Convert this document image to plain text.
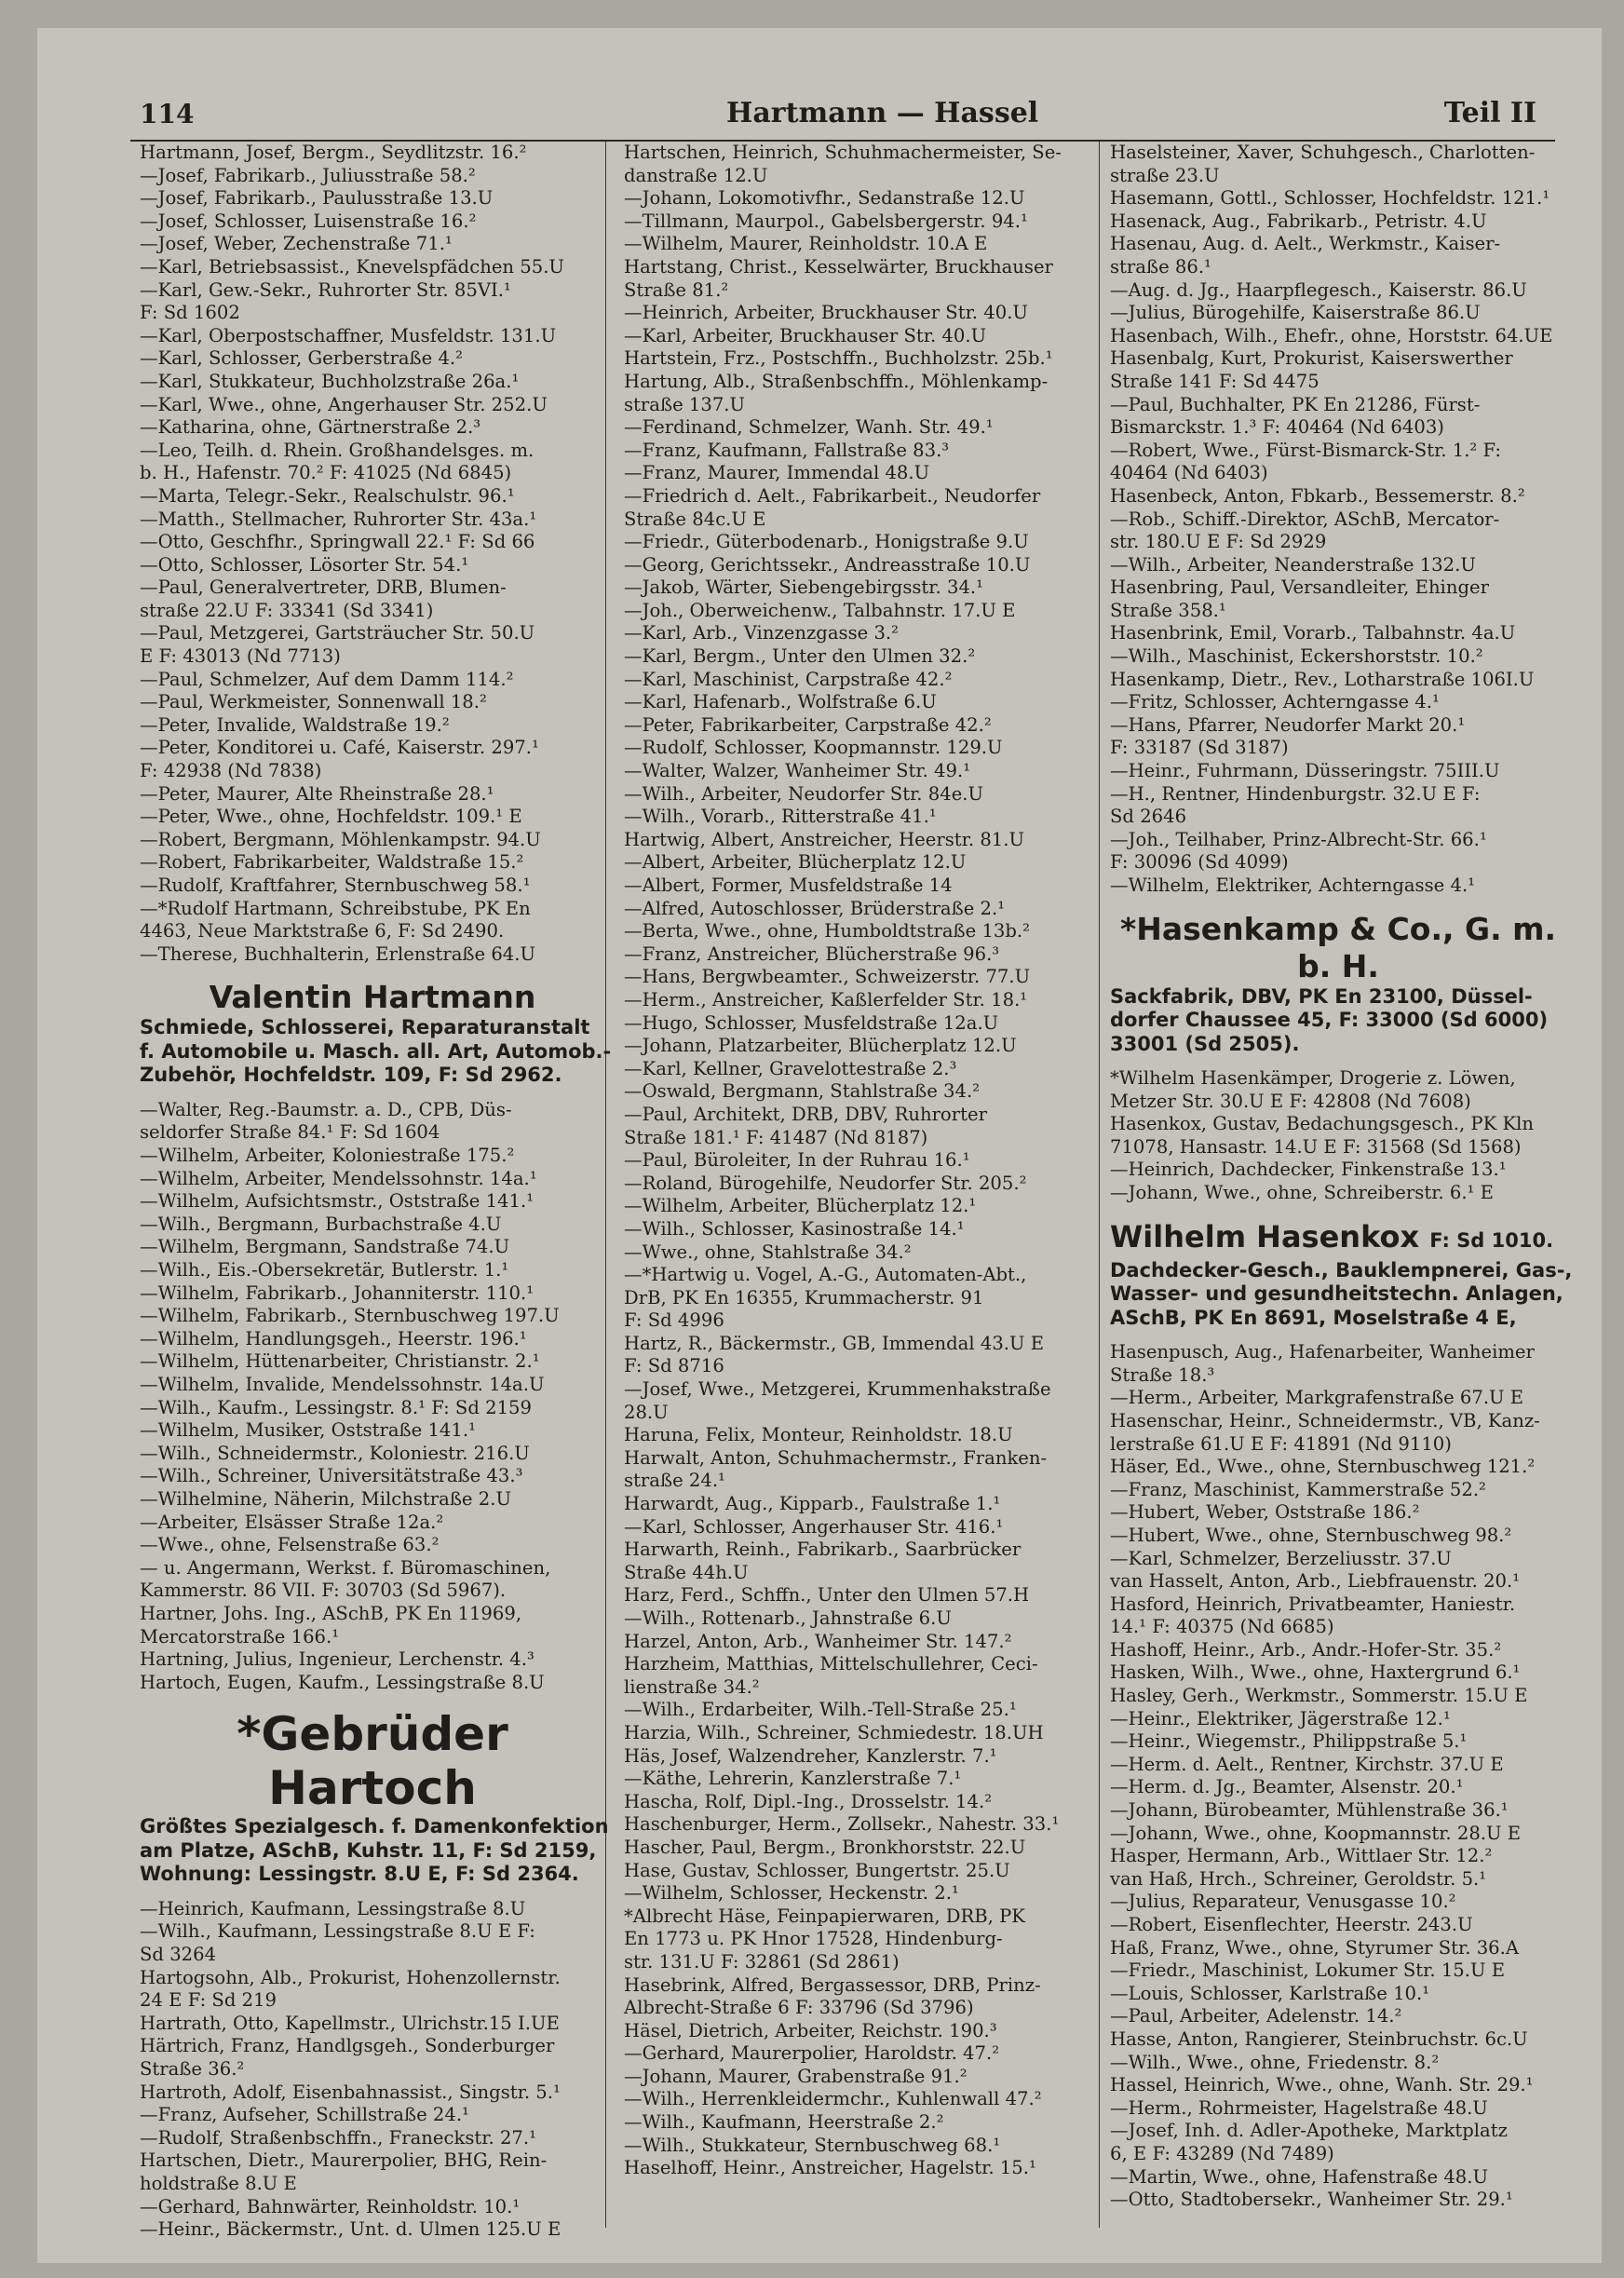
114	Hartmann — Hassel	Teil II
Hartmann, Josef, Bergm., Seydlitzstr. 16.²
—Josef, Fabrikarb., Juliusstraße 58.²
—Josef, Fabrikarb., Paulusstraße 13.U
—Josef, Schlosser, Luisenstraße 16.²
—Josef, Weber, Zechenstraße 71.¹
—Karl, Betriebsassist., Knevelspfädchen 55.U
—Karl, Gew.-Sekr., Ruhrorter Str. 85VI.¹
F: Sd 1602
—Karl, Oberpostschaffner, Musfeldstr. 131.U
—Karl, Schlosser, Gerberstraße 4.²
—Karl, Stukkateur, Buchholzstraße 26a.¹
—Karl, Wwe., ohne, Angerhauser Str. 252.U
—Katharina, ohne, Gärtnerstraße 2.³
—Leo, Teilh. d. Rhein. Großhandelsges. m.
b. H., Hafenstr. 70.² F: 41025 (Nd 6845)
—Marta, Telegr.-Sekr., Realschulstr. 96.¹
—Matth., Stellmacher, Ruhrorter Str. 43a.¹
—Otto, Geschfhr., Springwall 22.¹ F: Sd 66
—Otto, Schlosser, Lösorter Str. 54.¹
—Paul, Generalvertreter, DRB, Blumen-
straße 22.U F: 33341 (Sd 3341)
—Paul, Metzgerei, Gartsträucher Str. 50.U
E F: 43013 (Nd 7713)
—Paul, Schmelzer, Auf dem Damm 114.²
—Paul, Werkmeister, Sonnenwall 18.²
—Peter, Invalide, Waldstraße 19.²
—Peter, Konditorei u. Café, Kaiserstr. 297.¹
F: 42938 (Nd 7838)
—Peter, Maurer, Alte Rheinstraße 28.¹
—Peter, Wwe., ohne, Hochfeldstr. 109.¹ E
—Robert, Bergmann, Möhlenkampstr. 94.U
—Robert, Fabrikarbeiter, Waldstraße 15.²
—Rudolf, Kraftfahrer, Sternbuschweg 58.¹
—*Rudolf Hartmann, Schreibstube, PK En
4463, Neue Marktstraße 6, F: Sd 2490.
—Therese, Buchhalterin, Erlenstraße 64.U
Valentin Hartmann
Schmiede, Schlosserei, Reparaturanstalt
f. Automobile u. Masch. all. Art, Automob.-
Zubehör, Hochfeldstr. 109, F: Sd 2962.
—Walter, Reg.-Baumstr. a. D., CPB, Düs-
seldorfer Straße 84.¹ F: Sd 1604
—Wilhelm, Arbeiter, Koloniestraße 175.²
—Wilhelm, Arbeiter, Mendelssohnstr. 14a.¹
—Wilhelm, Aufsichtsmstr., Oststraße 141.¹
—Wilh., Bergmann, Burbachstraße 4.U
—Wilhelm, Bergmann, Sandstraße 74.U
—Wilh., Eis.-Obersekretär, Butlerstr. 1.¹
—Wilhelm, Fabrikarb., Johanniterstr. 110.¹
—Wilhelm, Fabrikarb., Sternbuschweg 197.U
—Wilhelm, Handlungsgeh., Heerstr. 196.¹
—Wilhelm, Hüttenarbeiter, Christianstr. 2.¹
—Wilhelm, Invalide, Mendelssohnstr. 14a.U
—Wilh., Kaufm., Lessingstr. 8.¹ F: Sd 2159
—Wilhelm, Musiker, Oststraße 141.¹
—Wilh., Schneidermstr., Koloniestr. 216.U
—Wilh., Schreiner, Universitätstraße 43.³
—Wilhelmine, Näherin, Milchstraße 2.U
—Arbeiter, Elsässer Straße 12a.²
—Wwe., ohne, Felsenstraße 63.²
— u. Angermann, Werkst. f. Büromaschinen,
Kammerstr. 86 VII. F: 30703 (Sd 5967).
Hartner, Johs. Ing., ASchB, PK En 11969,
Mercatorstraße 166.¹
Hartning, Julius, Ingenieur, Lerchenstr. 4.³
Hartoch, Eugen, Kaufm., Lessingstraße 8.U
*Gebrüder Hartoch
Größtes Spezialgesch. f. Damenkonfektion
am Platze, ASchB, Kuhstr. 11, F: Sd 2159,
Wohnung: Lessingstr. 8.U E, F: Sd 2364.
—Heinrich, Kaufmann, Lessingstraße 8.U
—Wilh., Kaufmann, Lessingstraße 8.U E F:
Sd 3264
Hartogsohn, Alb., Prokurist, Hohenzollernstr.
24 E F: Sd 219
Hartrath, Otto, Kapellmstr., Ulrichstr.15 I.UE
Härtrich, Franz, Handlgsgeh., Sonderburger
Straße 36.²
Hartroth, Adolf, Eisenbahnassist., Singstr. 5.¹
—Franz, Aufseher, Schillstraße 24.¹
—Rudolf, Straßenbschffn., Franeckstr. 27.¹
Hartschen, Dietr., Maurerpolier, BHG, Rein-
holdstraße 8.U E
—Gerhard, Bahnwärter, Reinholdstr. 10.¹
—Heinr., Bäckermstr., Unt. d. Ulmen 125.U E
Hartschen, Heinrich, Schuhmachermeister, Se-
danstraße 12.U
—Johann, Lokomotivfhr., Sedanstraße 12.U
—Tillmann, Maurpol., Gabelsbergerstr. 94.¹
—Wilhelm, Maurer, Reinholdstr. 10.A E
Hartstang, Christ., Kesselwärter, Bruckhauser
Straße 81.²
—Heinrich, Arbeiter, Bruckhauser Str. 40.U
—Karl, Arbeiter, Bruckhauser Str. 40.U
Hartstein, Frz., Postschffn., Buchholzstr. 25b.¹
Hartung, Alb., Straßenbschffn., Möhlenkamp-
straße 137.U
—Ferdinand, Schmelzer, Wanh. Str. 49.¹
—Franz, Kaufmann, Fallstraße 83.³
—Franz, Maurer, Immendal 48.U
—Friedrich d. Aelt., Fabrikarbeit., Neudorfer
Straße 84c.U E
—Friedr., Güterbodenarb., Honigstraße 9.U
—Georg, Gerichtssekr., Andreasstraße 10.U
—Jakob, Wärter, Siebengebirgsstr. 34.¹
—Joh., Oberweichenw., Talbahnstr. 17.U E
—Karl, Arb., Vinzenzgasse 3.²
—Karl, Bergm., Unter den Ulmen 32.²
—Karl, Maschinist, Carpstraße 42.²
—Karl, Hafenarb., Wolfstraße 6.U
—Peter, Fabrikarbeiter, Carpstraße 42.²
—Rudolf, Schlosser, Koopmannstr. 129.U
—Walter, Walzer, Wanheimer Str. 49.¹
—Wilh., Arbeiter, Neudorfer Str. 84e.U
—Wilh., Vorarb., Ritterstraße 41.¹
Hartwig, Albert, Anstreicher, Heerstr. 81.U
—Albert, Arbeiter, Blücherplatz 12.U
—Albert, Former, Musfeldstraße 14
—Alfred, Autoschlosser, Brüderstraße 2.¹
—Berta, Wwe., ohne, Humboldtstraße 13b.²
—Franz, Anstreicher, Blücherstraße 96.³
—Hans, Bergwbeamter., Schweizerstr. 77.U
—Herm., Anstreicher, Kaßlerfelder Str. 18.¹
—Hugo, Schlosser, Musfeldstraße 12a.U
—Johann, Platzarbeiter, Blücherplatz 12.U
—Karl, Kellner, Gravelottestraße 2.³
—Oswald, Bergmann, Stahlstraße 34.²
—Paul, Architekt, DRB, DBV, Ruhrorter
Straße 181.¹ F: 41487 (Nd 8187)
—Paul, Büroleiter, In der Ruhrau 16.¹
—Roland, Bürogehilfe, Neudorfer Str. 205.²
—Wilhelm, Arbeiter, Blücherplatz 12.¹
—Wilh., Schlosser, Kasinostraße 14.¹
—Wwe., ohne, Stahlstraße 34.²
—*Hartwig u. Vogel, A.-G., Automaten-Abt.,
DrB, PK En 16355, Krummacherstr. 91
F: Sd 4996
Hartz, R., Bäckermstr., GB, Immendal 43.U E
F: Sd 8716
—Josef, Wwe., Metzgerei, Krummenhakstraße
28.U
Haruna, Felix, Monteur, Reinholdstr. 18.U
Harwalt, Anton, Schuhmachermstr., Franken-
straße 24.¹
Harwardt, Aug., Kipparb., Faulstraße 1.¹
—Karl, Schlosser, Angerhauser Str. 416.¹
Harwarth, Reinh., Fabrikarb., Saarbrücker
Straße 44h.U
Harz, Ferd., Schffn., Unter den Ulmen 57.H
—Wilh., Rottenarb., Jahnstraße 6.U
Harzel, Anton, Arb., Wanheimer Str. 147.²
Harzheim, Matthias, Mittelschullehrer, Ceci-
lienstraße 34.²
—Wilh., Erdarbeiter, Wilh.-Tell-Straße 25.¹
Harzia, Wilh., Schreiner, Schmiedestr. 18.UH
Häs, Josef, Walzendreher, Kanzlerstr. 7.¹
—Käthe, Lehrerin, Kanzlerstraße 7.¹
Hascha, Rolf, Dipl.-Ing., Drosselstr. 14.²
Haschenburger, Herm., Zollsekr., Nahestr. 33.¹
Hascher, Paul, Bergm., Bronkhorststr. 22.U
Hase, Gustav, Schlosser, Bungertstr. 25.U
—Wilhelm, Schlosser, Heckenstr. 2.¹
*Albrecht Häse, Feinpapierwaren, DRB, PK
En 1773 u. PK Hnor 17528, Hindenburg-
str. 131.U F: 32861 (Sd 2861)
Hasebrink, Alfred, Bergassessor, DRB, Prinz-
Albrecht-Straße 6 F: 33796 (Sd 3796)
Häsel, Dietrich, Arbeiter, Reichstr. 190.³
—Gerhard, Maurerpolier, Haroldstr. 47.²
—Johann, Maurer, Grabenstraße 91.²
—Wilh., Herrenkleidermchr., Kuhlenwall 47.²
—Wilh., Kaufmann, Heerstraße 2.²
—Wilh., Stukkateur, Sternbuschweg 68.¹
Haselhoff, Heinr., Anstreicher, Hagelstr. 15.¹
Haselsteiner, Xaver, Schuhgesch., Charlotten-
straße 23.U
Hasemann, Gottl., Schlosser, Hochfeldstr. 121.¹
Hasenack, Aug., Fabrikarb., Petristr. 4.U
Hasenau, Aug. d. Aelt., Werkmstr., Kaiser-
straße 86.¹
—Aug. d. Jg., Haarpflegesch., Kaiserstr. 86.U
—Julius, Bürogehilfe, Kaiserstraße 86.U
Hasenbach, Wilh., Ehefr., ohne, Horststr. 64.UE
Hasenbalg, Kurt, Prokurist, Kaiserswerther
Straße 141 F: Sd 4475
—Paul, Buchhalter, PK En 21286, Fürst-
Bismarckstr. 1.³ F: 40464 (Nd 6403)
—Robert, Wwe., Fürst-Bismarck-Str. 1.² F:
40464 (Nd 6403)
Hasenbeck, Anton, Fbkarb., Bessemerstr. 8.²
—Rob., Schiff.-Direktor, ASchB, Mercator-
str. 180.U E F: Sd 2929
—Wilh., Arbeiter, Neanderstraße 132.U
Hasenbring, Paul, Versandleiter, Ehinger
Straße 358.¹
Hasenbrink, Emil, Vorarb., Talbahnstr. 4a.U
—Wilh., Maschinist, Eckershorststr. 10.²
Hasenkamp, Dietr., Rev., Lotharstraße 106I.U
—Fritz, Schlosser, Achterngasse 4.¹
—Hans, Pfarrer, Neudorfer Markt 20.¹
F: 33187 (Sd 3187)
—Heinr., Fuhrmann, Düsseringstr. 75III.U
—H., Rentner, Hindenburgstr. 32.U E F:
Sd 2646
—Joh., Teilhaber, Prinz-Albrecht-Str. 66.¹
F: 30096 (Sd 4099)
—Wilhelm, Elektriker, Achterngasse 4.¹
*Hasenkamp & Co., G. m. b. H.
Sackfabrik, DBV, PK En 23100, Düssel-
dorfer Chaussee 45, F: 33000 (Sd 6000)
33001 (Sd 2505).
*Wilhelm Hasenkämper, Drogerie z. Löwen,
Metzer Str. 30.U E F: 42808 (Nd 7608)
Hasenkox, Gustav, Bedachungsgesch., PK Kln
71078, Hansastr. 14.U E F: 31568 (Sd 1568)
—Heinrich, Dachdecker, Finkenstraße 13.¹
—Johann, Wwe., ohne, Schreiberstr. 6.¹ E
Wilhelm Hasenkox F: Sd 1010.
Dachdecker-Gesch., Bauklempnerei, Gas-,
Wasser- und gesundheitstechn. Anlagen,
ASchB, PK En 8691, Moselstraße 4 E,
Hasenpusch, Aug., Hafenarbeiter, Wanheimer
Straße 18.³
—Herm., Arbeiter, Markgrafenstraße 67.U E
Hasenschar, Heinr., Schneidermstr., VB, Kanz-
lerstraße 61.U E F: 41891 (Nd 9110)
Häser, Ed., Wwe., ohne, Sternbuschweg 121.²
—Franz, Maschinist, Kammerstraße 52.²
—Hubert, Weber, Oststraße 186.²
—Hubert, Wwe., ohne, Sternbuschweg 98.²
—Karl, Schmelzer, Berzeliusstr. 37.U
van Hasselt, Anton, Arb., Liebfrauenstr. 20.¹
Hasford, Heinrich, Privatbeamter, Haniestr.
14.¹ F: 40375 (Nd 6685)
Hashoff, Heinr., Arb., Andr.-Hofer-Str. 35.²
Hasken, Wilh., Wwe., ohne, Haxtergrund 6.¹
Hasley, Gerh., Werkmstr., Sommerstr. 15.U E
—Heinr., Elektriker, Jägerstraße 12.¹
—Heinr., Wiegemstr., Philippstraße 5.¹
—Herm. d. Aelt., Rentner, Kirchstr. 37.U E
—Herm. d. Jg., Beamter, Alsenstr. 20.¹
—Johann, Bürobeamter, Mühlenstraße 36.¹
—Johann, Wwe., ohne, Koopmannstr. 28.U E
Hasper, Hermann, Arb., Wittlaer Str. 12.²
van Haß, Hrch., Schreiner, Geroldstr. 5.¹
—Julius, Reparateur, Venusgasse 10.²
—Robert, Eisenflechter, Heerstr. 243.U
Haß, Franz, Wwe., ohne, Styrumer Str. 36.A
—Friedr., Maschinist, Lokumer Str. 15.U E
—Louis, Schlosser, Karlstraße 10.¹
—Paul, Arbeiter, Adelenstr. 14.²
Hasse, Anton, Rangierer, Steinbruchstr. 6c.U
—Wilh., Wwe., ohne, Friedenstr. 8.²
Hassel, Heinrich, Wwe., ohne, Wanh. Str. 29.¹
—Herm., Rohrmeister, Hagelstraße 48.U
—Josef, Inh. d. Adler-Apotheke, Marktplatz
6, E F: 43289 (Nd 7489)
—Martin, Wwe., ohne, Hafenstraße 48.U
—Otto, Stadtobersekr., Wanheimer Str. 29.¹
